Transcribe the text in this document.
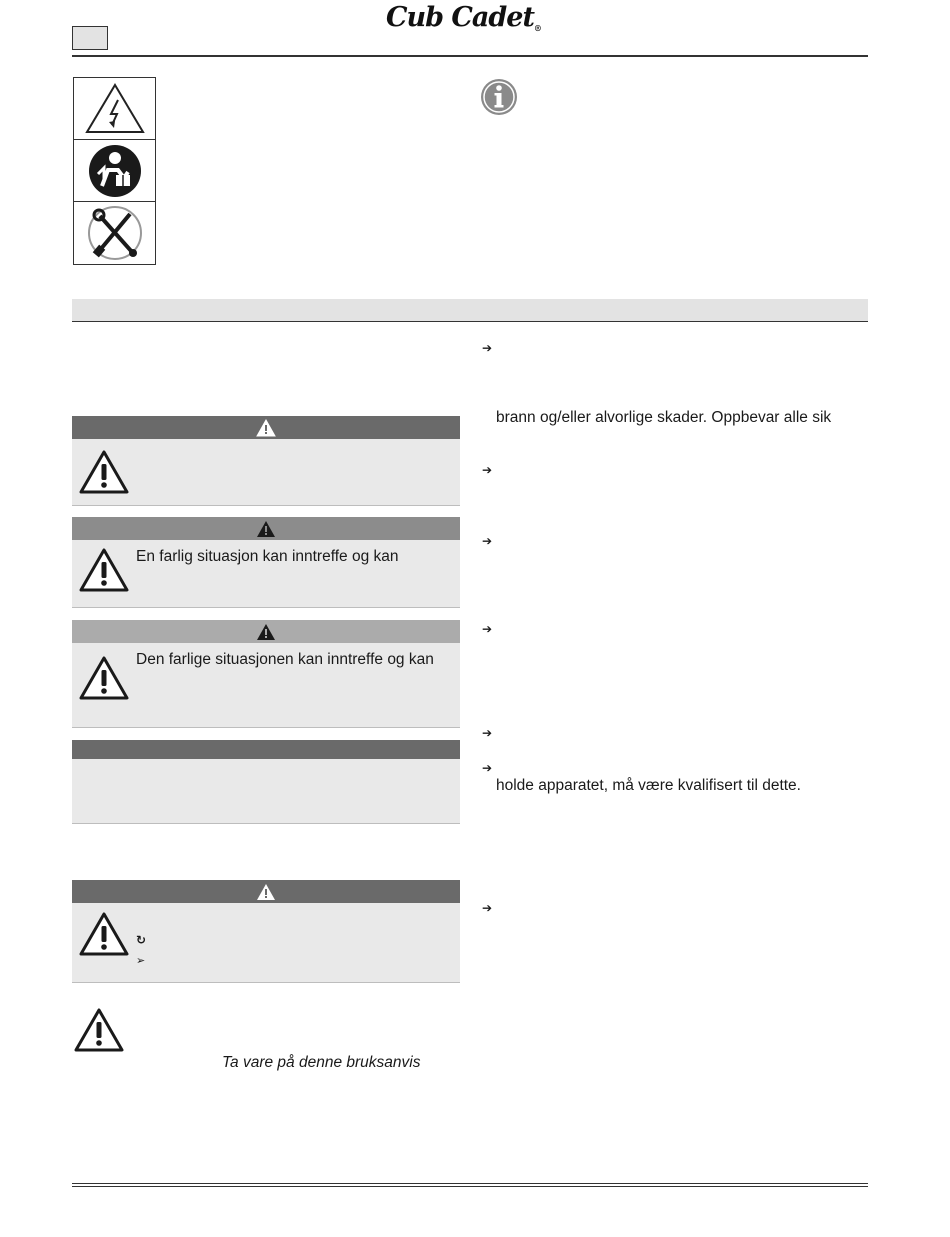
Cub Cadet®
En farlig situasjon kan inntreffe og kan
Den farlige situasjonen kan inntreffe og kan
↻
➢
Ta vare på denne bruksanvis
➔
brann og/eller alvorlige skader. Oppbevar alle sik
➔
➔
➔
➔
➔
holde apparatet, må være kvalifisert til dette.
➔
